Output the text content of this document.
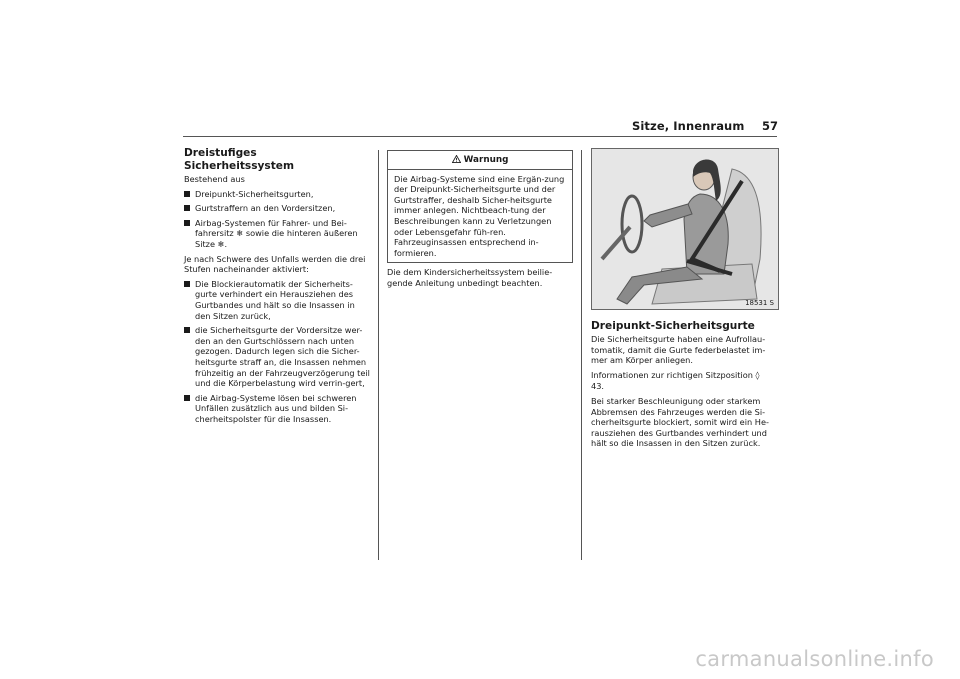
Sitze, Innenraum 57
Dreistufiges Sicherheitssystem

Bestehend aus

Dreipunkt-Sicherheitsgurten,
Gurtstraffern an den Vordersitzen,
Airbag-Systemen für Fahrer- und Bei-fahrersitz ❄ sowie die hinteren äußeren Sitze ❄.

Je nach Schwere des Unfalls werden die drei Stufen nacheinander aktiviert:

Die Blockierautomatik der Sicherheits-gurte verhindert ein Herausziehen des Gurtbandes und hält so die Insassen in den Sitzen zurück,
die Sicherheitsgurte der Vordersitze wer-den an den Gurtschlössern nach unten gezogen. Dadurch legen sich die Sicher-heitsgurte straff an, die Insassen nehmen frühzeitig an der Fahrzeugverzögerung teil und die Körperbelastung wird verrin-gert,
die Airbag-Systeme lösen bei schweren Unfällen zusätzlich aus und bilden Si-cherheitspolster für die Insassen.
Warnung
Die Airbag-Systeme sind eine Ergän-zung der Dreipunkt-Sicherheitsgurte und der Gurtstraffer, deshalb Sicher-heitsgurte immer anlegen. Nichtbeach-tung der Beschreibungen kann zu Verletzungen oder Lebensgefahr füh-ren. Fahrzeuginsassen entsprechend in-formieren.

Die dem Kindersicherheitssystem beilie-gende Anleitung unbedingt beachten.

18531 S
Dreipunkt-Sicherheitsgurte

Die Sicherheitsgurte haben eine Aufrollau-tomatik, damit die Gurte federbelastet im-mer am Körper anliegen.

Informationen zur richtigen Sitzposition ◊
43.

Bei starker Beschleunigung oder starkem Abbremsen des Fahrzeuges werden die Si-cherheitsgurte blockiert, somit wird ein He-rausziehen des Gurtbandes verhindert und hält so die Insassen in den Sitzen zurück.

carmanualsonline.info
